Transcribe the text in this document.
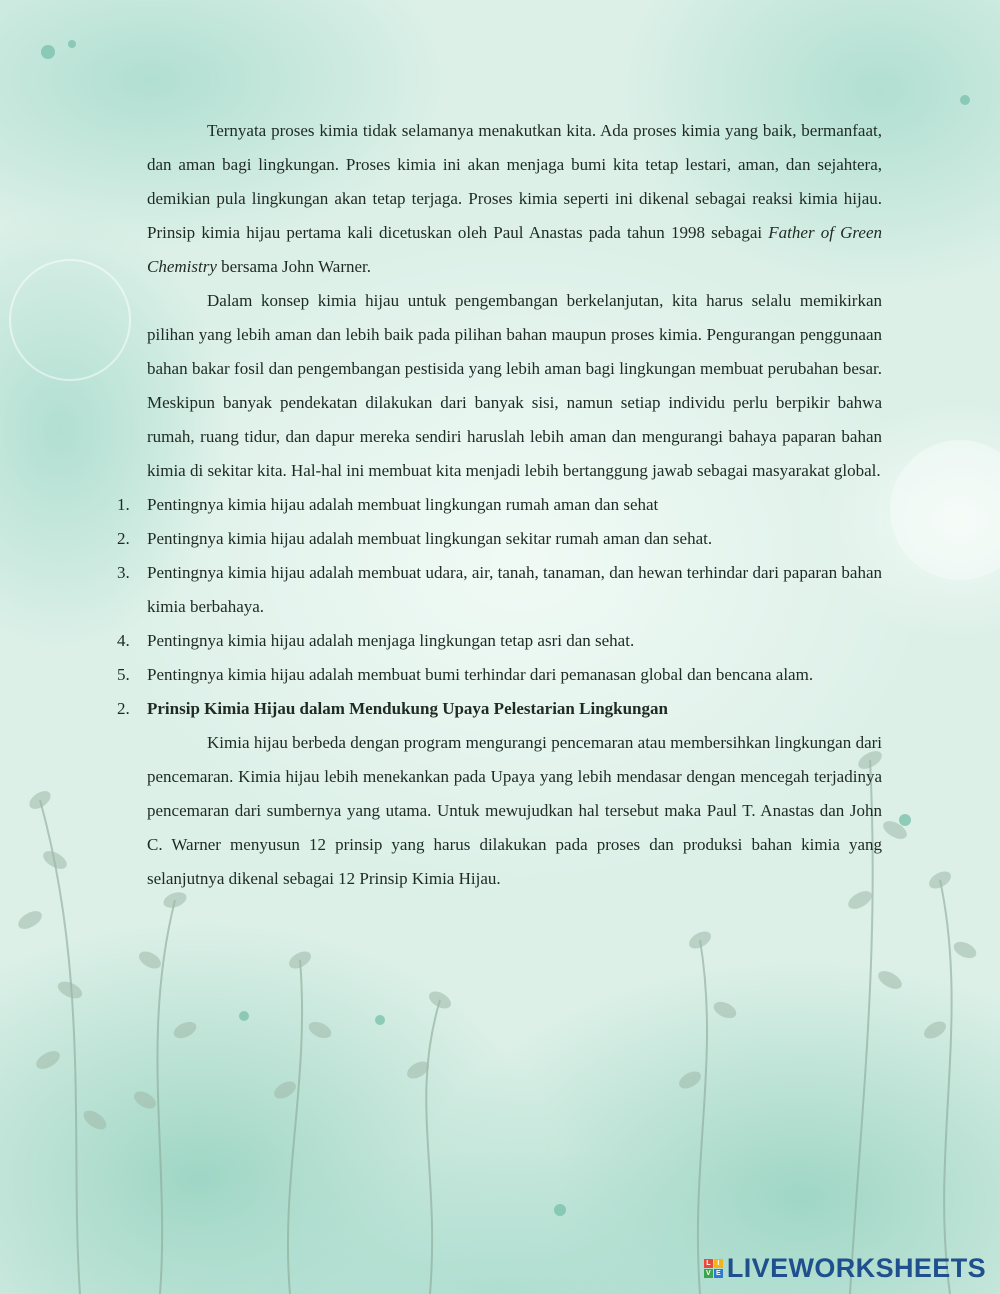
Ternyata proses kimia tidak selamanya menakutkan kita. Ada proses kimia yang baik, bermanfaat, dan aman bagi lingkungan. Proses kimia ini akan menjaga bumi kita tetap lestari, aman, dan sejahtera, demikian pula lingkungan akan tetap terjaga. Proses kimia seperti ini dikenal sebagai reaksi kimia hijau. Prinsip kimia hijau pertama kali dicetuskan oleh Paul Anastas pada tahun 1998 sebagai Father of Green Chemistry bersama John Warner.

Dalam konsep kimia hijau untuk pengembangan berkelanjutan, kita harus selalu memikirkan pilihan yang lebih aman dan lebih baik pada pilihan bahan maupun proses kimia. Pengurangan penggunaan bahan bakar fosil dan pengembangan pestisida yang lebih aman bagi lingkungan membuat perubahan besar. Meskipun banyak pendekatan dilakukan dari banyak sisi, namun setiap individu perlu berpikir bahwa rumah, ruang tidur, dan dapur mereka sendiri haruslah lebih aman dan mengurangi bahaya paparan bahan kimia di sekitar kita. Hal-hal ini membuat kita menjadi lebih bertanggung jawab sebagai masyarakat global.

1.	Pentingnya kimia hijau adalah membuat lingkungan rumah aman dan sehat
2.	Pentingnya kimia hijau adalah membuat lingkungan sekitar rumah aman dan sehat.
3.	Pentingnya kimia hijau adalah membuat udara, air, tanah, tanaman, dan hewan terhindar dari paparan bahan kimia berbahaya.
4.	Pentingnya kimia hijau adalah menjaga lingkungan tetap asri dan sehat.
5.	Pentingnya kimia hijau adalah membuat bumi terhindar dari pemanasan global dan bencana alam.
2.	Prinsip Kimia Hijau dalam Mendukung Upaya Pelestarian Lingkungan

Kimia hijau berbeda dengan program mengurangi pencemaran atau membersihkan lingkungan dari pencemaran. Kimia hijau lebih menekankan pada Upaya yang lebih mendasar dengan mencegah terjadinya pencemaran dari sumbernya yang utama. Untuk mewujudkan hal tersebut maka Paul T. Anastas dan John C. Warner menyusun 12 prinsip yang harus dilakukan pada proses dan produksi bahan kimia yang selanjutnya dikenal sebagai 12 Prinsip Kimia Hijau.

L I
V E LIVEWORKSHEETS
